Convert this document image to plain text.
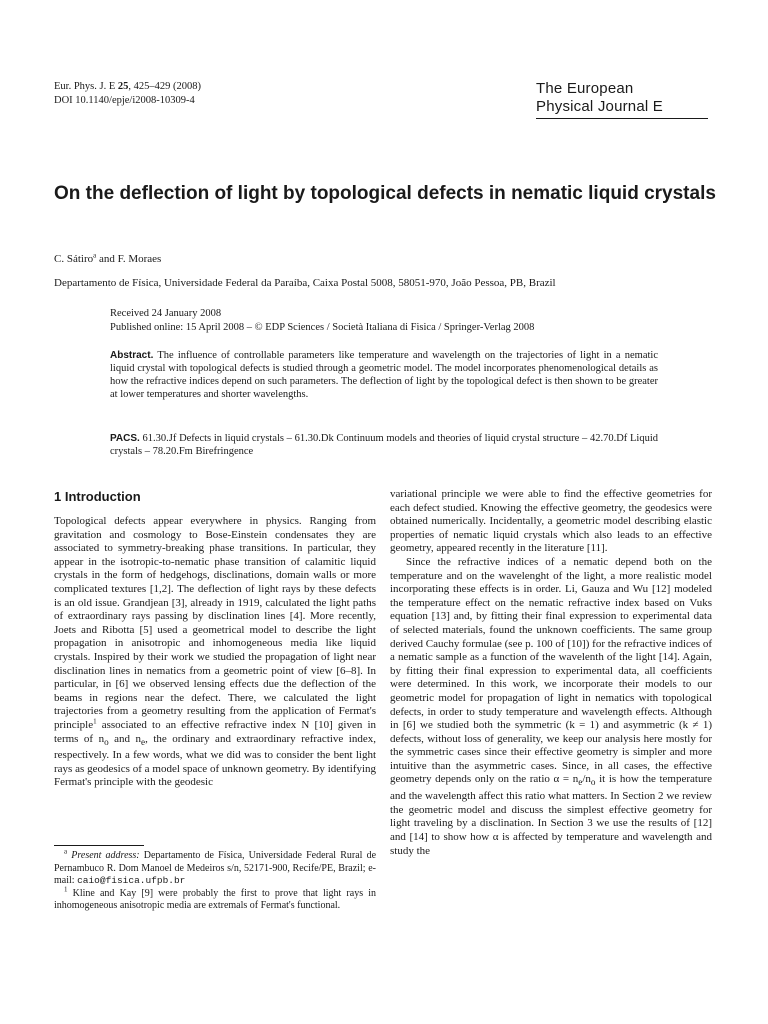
Eur. Phys. J. E 25, 425–429 (2008)
DOI 10.1140/epje/i2008-10309-4
The European
Physical Journal E
On the deflection of light by topological defects in nematic liquid crystals
C. Sátiro$^a$ and F. Moraes
Departamento de Física, Universidade Federal da Paraíba, Caixa Postal 5008, 58051-970, João Pessoa, PB, Brazil
Received 24 January 2008
Published online: 15 April 2008 – © EDP Sciences / Società Italiana di Fisica / Springer-Verlag 2008
Abstract. The influence of controllable parameters like temperature and wavelength on the trajectories of light in a nematic liquid crystal with topological defects is studied through a geometric model. The model incorporates phenomenological details as how the refractive indices depend on such parameters. The deflection of light by the topological defect is then shown to be greater at lower temperatures and shorter wavelengths.
PACS. 61.30.Jf Defects in liquid crystals – 61.30.Dk Continuum models and theories of liquid crystal structure – 42.70.Df Liquid crystals – 78.20.Fm Birefringence
1 Introduction

Topological defects appear everywhere in physics. Ranging from gravitation and cosmology to Bose-Einstein condensates they are associated to symmetry-breaking phase transitions. In particular, they appear in the isotropic-to-nematic phase transition of calamitic liquid crystals in the form of hedgehogs, disclinations, domain walls or more complicated textures [1,2]. The deflection of light rays by these defects is an old issue. Grandjean [3], already in 1919, calculated the light paths of extraordinary rays passing by disclination lines [4]. More recently, Joets and Ribotta [5] used a geometrical model to describe the light propagation in anisotropic and inhomogeneous media like liquid crystals. Inspired by their work we studied the propagation of light near disclination lines in nematics from a geometric point of view [6–8]. In particular, in [6] we observed lensing effects due the deflection of the beams in regions near the defect. There, we calculated the light trajectories from a geometry resulting from the application of Fermat's principle$^1$ associated to an effective refractive index N [10] given in terms of $n_o$ and $n_e$, the ordinary and extraordinary refractive index, respectively. In a few words, what we did was to consider the bent light rays as geodesics of a model space of unknown geometry. By identifying Fermat's principle with the geodesic

$^a$ Present address: Departamento de Física, Universidade Federal Rural de Pernambuco R. Dom Manoel de Medeiros s/n, 52171-900, Recife/PE, Brazil; e-mail: caio@fisica.ufpb.br

$^1$ Kline and Kay [9] were probably the first to prove that light rays in inhomogeneous anisotropic media are extremals of Fermat's functional.

variational principle we were able to find the effective geometries for each defect studied. Knowing the effective geometry, the geodesics were obtained numerically. Incidentally, a geometric model describing elastic properties of nematic liquid crystals which also leads to an effective geometry, appeared recently in the literature [11].

Since the refractive indices of a nematic depend both on the temperature and on the wavelenght of the light, a more realistic model incorporating these effects is in order. Li, Gauza and Wu [12] modeled the temperature effect on the nematic refractive index based on Vuks equation [13] and, by fitting their final expression to experimental data of selected materials, found the unknown coefficients. The same group derived Cauchy formulae (see p. 100 of [10]) for the refractive indices of a nematic sample as a function of the wavelenth of the light [14]. Again, by fitting their final expression to experimental data, all coefficients were determined. In this work, we incorporate their models to our geometric model for propagation of light in nematics with topological defects, in order to study temperature and wavelength effects. Although in [6] we studied both the symmetric (k = 1) and asymmetric (k ≠ 1) defects, without loss of generality, we keep our analysis here mostly for the symmetric cases since their effective geometry is simpler and more intuitive than the asymmetric cases. Since, in all cases, the effective geometry depends only on the ratio $\alpha = n_e/n_o$ it is how the temperature and the wavelength affect this ratio what matters. In Section 2 we review the geometric model and discuss the simplest effective geometry for light traveling by a disclination. In Section 3 we use the results of [12] and [14] to show how α is affected by temperature and wavelength and study the
